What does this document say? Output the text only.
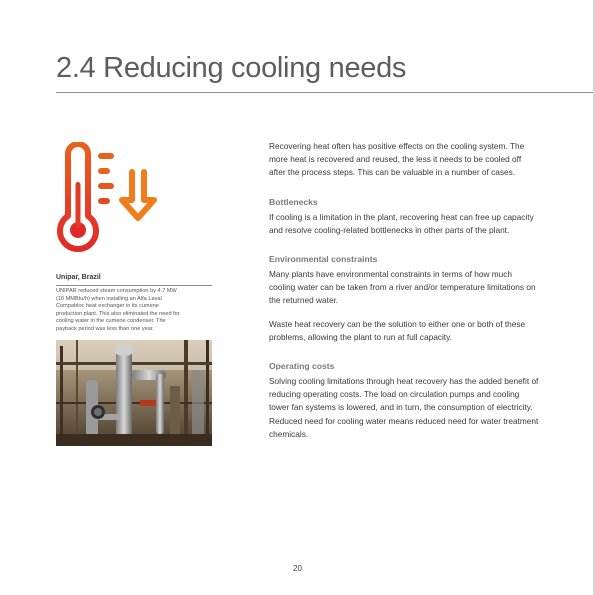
2.4 Reducing cooling needs
Unipar, Brazil
UNIPAR reduced steam consumption by 4.7 MW
(16 MMBtu/h) when installing an Alfa Laval
Compabloc heat exchanger in its cumene
production plant. This also eliminated the need for
cooling water in the cumene condenser. The
payback period was less than one year.

Recovering heat often has positive effects on the cooling system. The more heat is recovered and reused, the less it needs to be cooled off after the process steps. This can be valuable in a number of cases.

Bottlenecks

If cooling is a limitation in the plant, recovering heat can free up capacity and resolve cooling-related bottlenecks in other parts of the plant.

Environmental constraints

Many plants have environmental constraints in terms of how much cooling water can be taken from a river and/or temperature limitations on the returned water.

Waste heat recovery can be the solution to either one or both of these problems, allowing the plant to run at full capacity.

Operating costs

Solving cooling limitations through heat recovery has the added benefit of reducing operating costs. The load on circulation pumps and cooling tower fan systems is lowered, and in turn, the consumption of electricity. Reduced need for cooling water means reduced need for water treatment chemicals.

20
